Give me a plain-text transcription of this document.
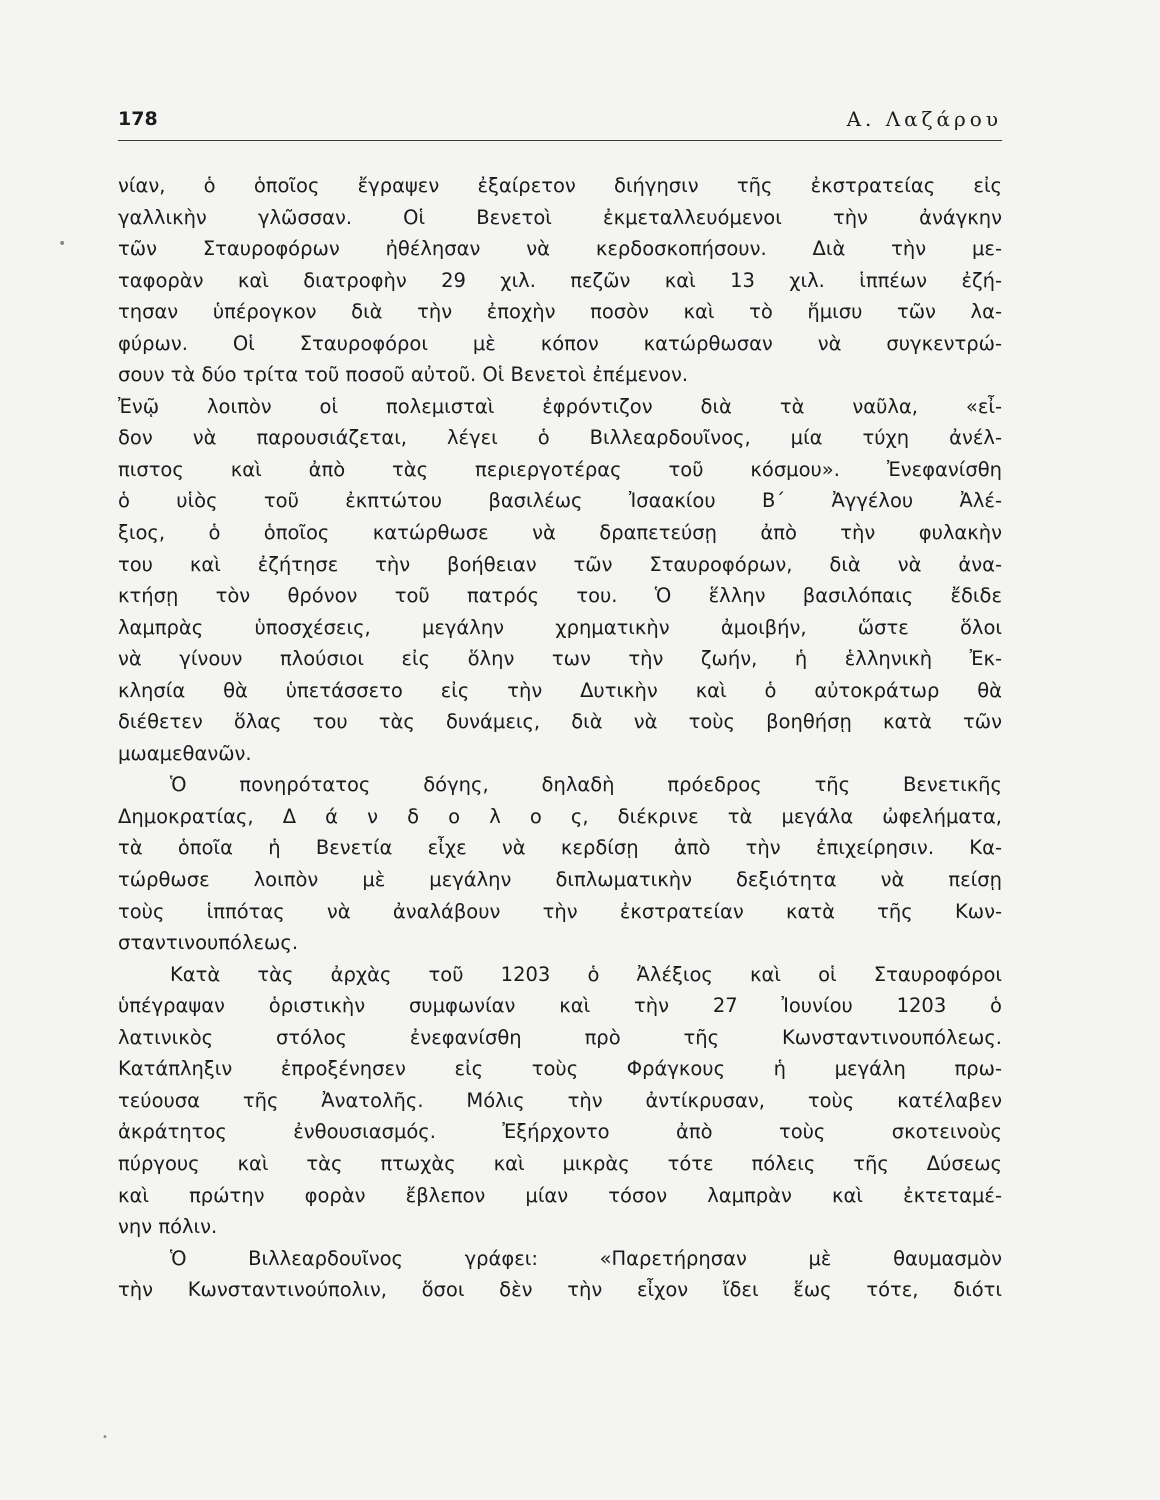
178	Α. Λαζάρου
νίαν, ὁ ὁποῖος ἔγραψεν ἐξαίρετον διήγησιν τῆς ἐκστρατείας εἰς
γαλλικὴν γλῶσσαν. Οἱ Βενετοὶ ἐκμεταλλευόμενοι τὴν ἀνάγκην
τῶν Σταυροφόρων ἠθέλησαν νὰ κερδοσκοπήσουν. Διὰ τὴν με-
ταφορὰν καὶ διατροφὴν 29 χιλ. πεζῶν καὶ 13 χιλ. ἱππέων ἐζή-
τησαν ὑπέρογκον διὰ τὴν ἐποχὴν ποσὸν καὶ τὸ ἥμισυ τῶν λα-
φύρων. Οἱ Σταυροφόροι μὲ κόπον κατώρθωσαν νὰ συγκεντρώ-
σουν τὰ δύο τρίτα τοῦ ποσοῦ αὐτοῦ. Οἱ Βενετοὶ ἐπέμενον.
Ἐνῷ λοιπὸν οἱ πολεμισταὶ ἐφρόντιζον διὰ τὰ ναῦλα, «εἶ-
δον νὰ παρουσιάζεται, λέγει ὁ Βιλλεαρδουῖνος, μία τύχη ἀνέλ-
πιστος καὶ ἀπὸ τὰς περιεργοτέρας τοῦ κόσμου». Ἐνεφανίσθη
ὁ υἱὸς τοῦ ἐκπτώτου βασιλέως Ἰσαακίου Β΄ Ἀγγέλου Ἀλέ-
ξιος, ὁ ὁποῖος κατώρθωσε νὰ δραπετεύσῃ ἀπὸ τὴν φυλακὴν
του καὶ ἐζήτησε τὴν βοήθειαν τῶν Σταυροφόρων, διὰ νὰ ἀνα-
κτήσῃ τὸν θρόνον τοῦ πατρός του. Ὁ ἕλλην βασιλόπαις ἔδιδε
λαμπρὰς ὑποσχέσεις, μεγάλην χρηματικὴν ἀμοιβήν, ὥστε ὅλοι
νὰ γίνουν πλούσιοι εἰς ὅλην των τὴν ζωήν, ἡ ἑλληνικὴ Ἐκ-
κλησία θὰ ὑπετάσσετο εἰς τὴν Δυτικὴν καὶ ὁ αὐτοκράτωρ θὰ
διέθετεν ὅλας του τὰς δυνάμεις, διὰ νὰ τοὺς βοηθήσῃ κατὰ τῶν
μωαμεθανῶν.
Ὁ πονηρότατος δόγης, δηλαδὴ πρόεδρος τῆς Βενετικῆς
Δημοκρατίας, Δ ά ν δ ο λ ο ς, διέκρινε τὰ μεγάλα ὠφελήματα,
τὰ ὁποῖα ἡ Βενετία εἶχε νὰ κερδίσῃ ἀπὸ τὴν ἐπιχείρησιν. Κα-
τώρθωσε λοιπὸν μὲ μεγάλην διπλωματικὴν δεξιότητα νὰ πείσῃ
τοὺς ἱππότας νὰ ἀναλάβουν τὴν ἐκστρατείαν κατὰ τῆς Κων-
σταντινουπόλεως.
Κατὰ τὰς ἀρχὰς τοῦ 1203 ὁ Ἀλέξιος καὶ οἱ Σταυροφόροι
ὑπέγραψαν ὁριστικὴν συμφωνίαν καὶ τὴν 27 Ἰουνίου 1203 ὁ
λατινικὸς στόλος ἐνεφανίσθη πρὸ τῆς Κωνσταντινουπόλεως.
Κατάπληξιν ἐπροξένησεν εἰς τοὺς Φράγκους ἡ μεγάλη πρω-
τεύουσα τῆς Ἀνατολῆς. Μόλις τὴν ἀντίκρυσαν, τοὺς κατέλαβεν
ἀκράτητος ἐνθουσιασμός. Ἐξήρχοντο ἀπὸ τοὺς σκοτεινοὺς
πύργους καὶ τὰς πτωχὰς καὶ μικρὰς τότε πόλεις τῆς Δύσεως
καὶ πρώτην φορὰν ἔβλεπον μίαν τόσον λαμπρὰν καὶ ἐκτεταμέ-
νην πόλιν.
Ὁ Βιλλεαρδουῖνος γράφει: «Παρετήρησαν μὲ θαυμασμὸν
τὴν Κωνσταντινούπολιν, ὅσοι δὲν τὴν εἶχον ἴδει ἕως τότε, διότι
•
•
